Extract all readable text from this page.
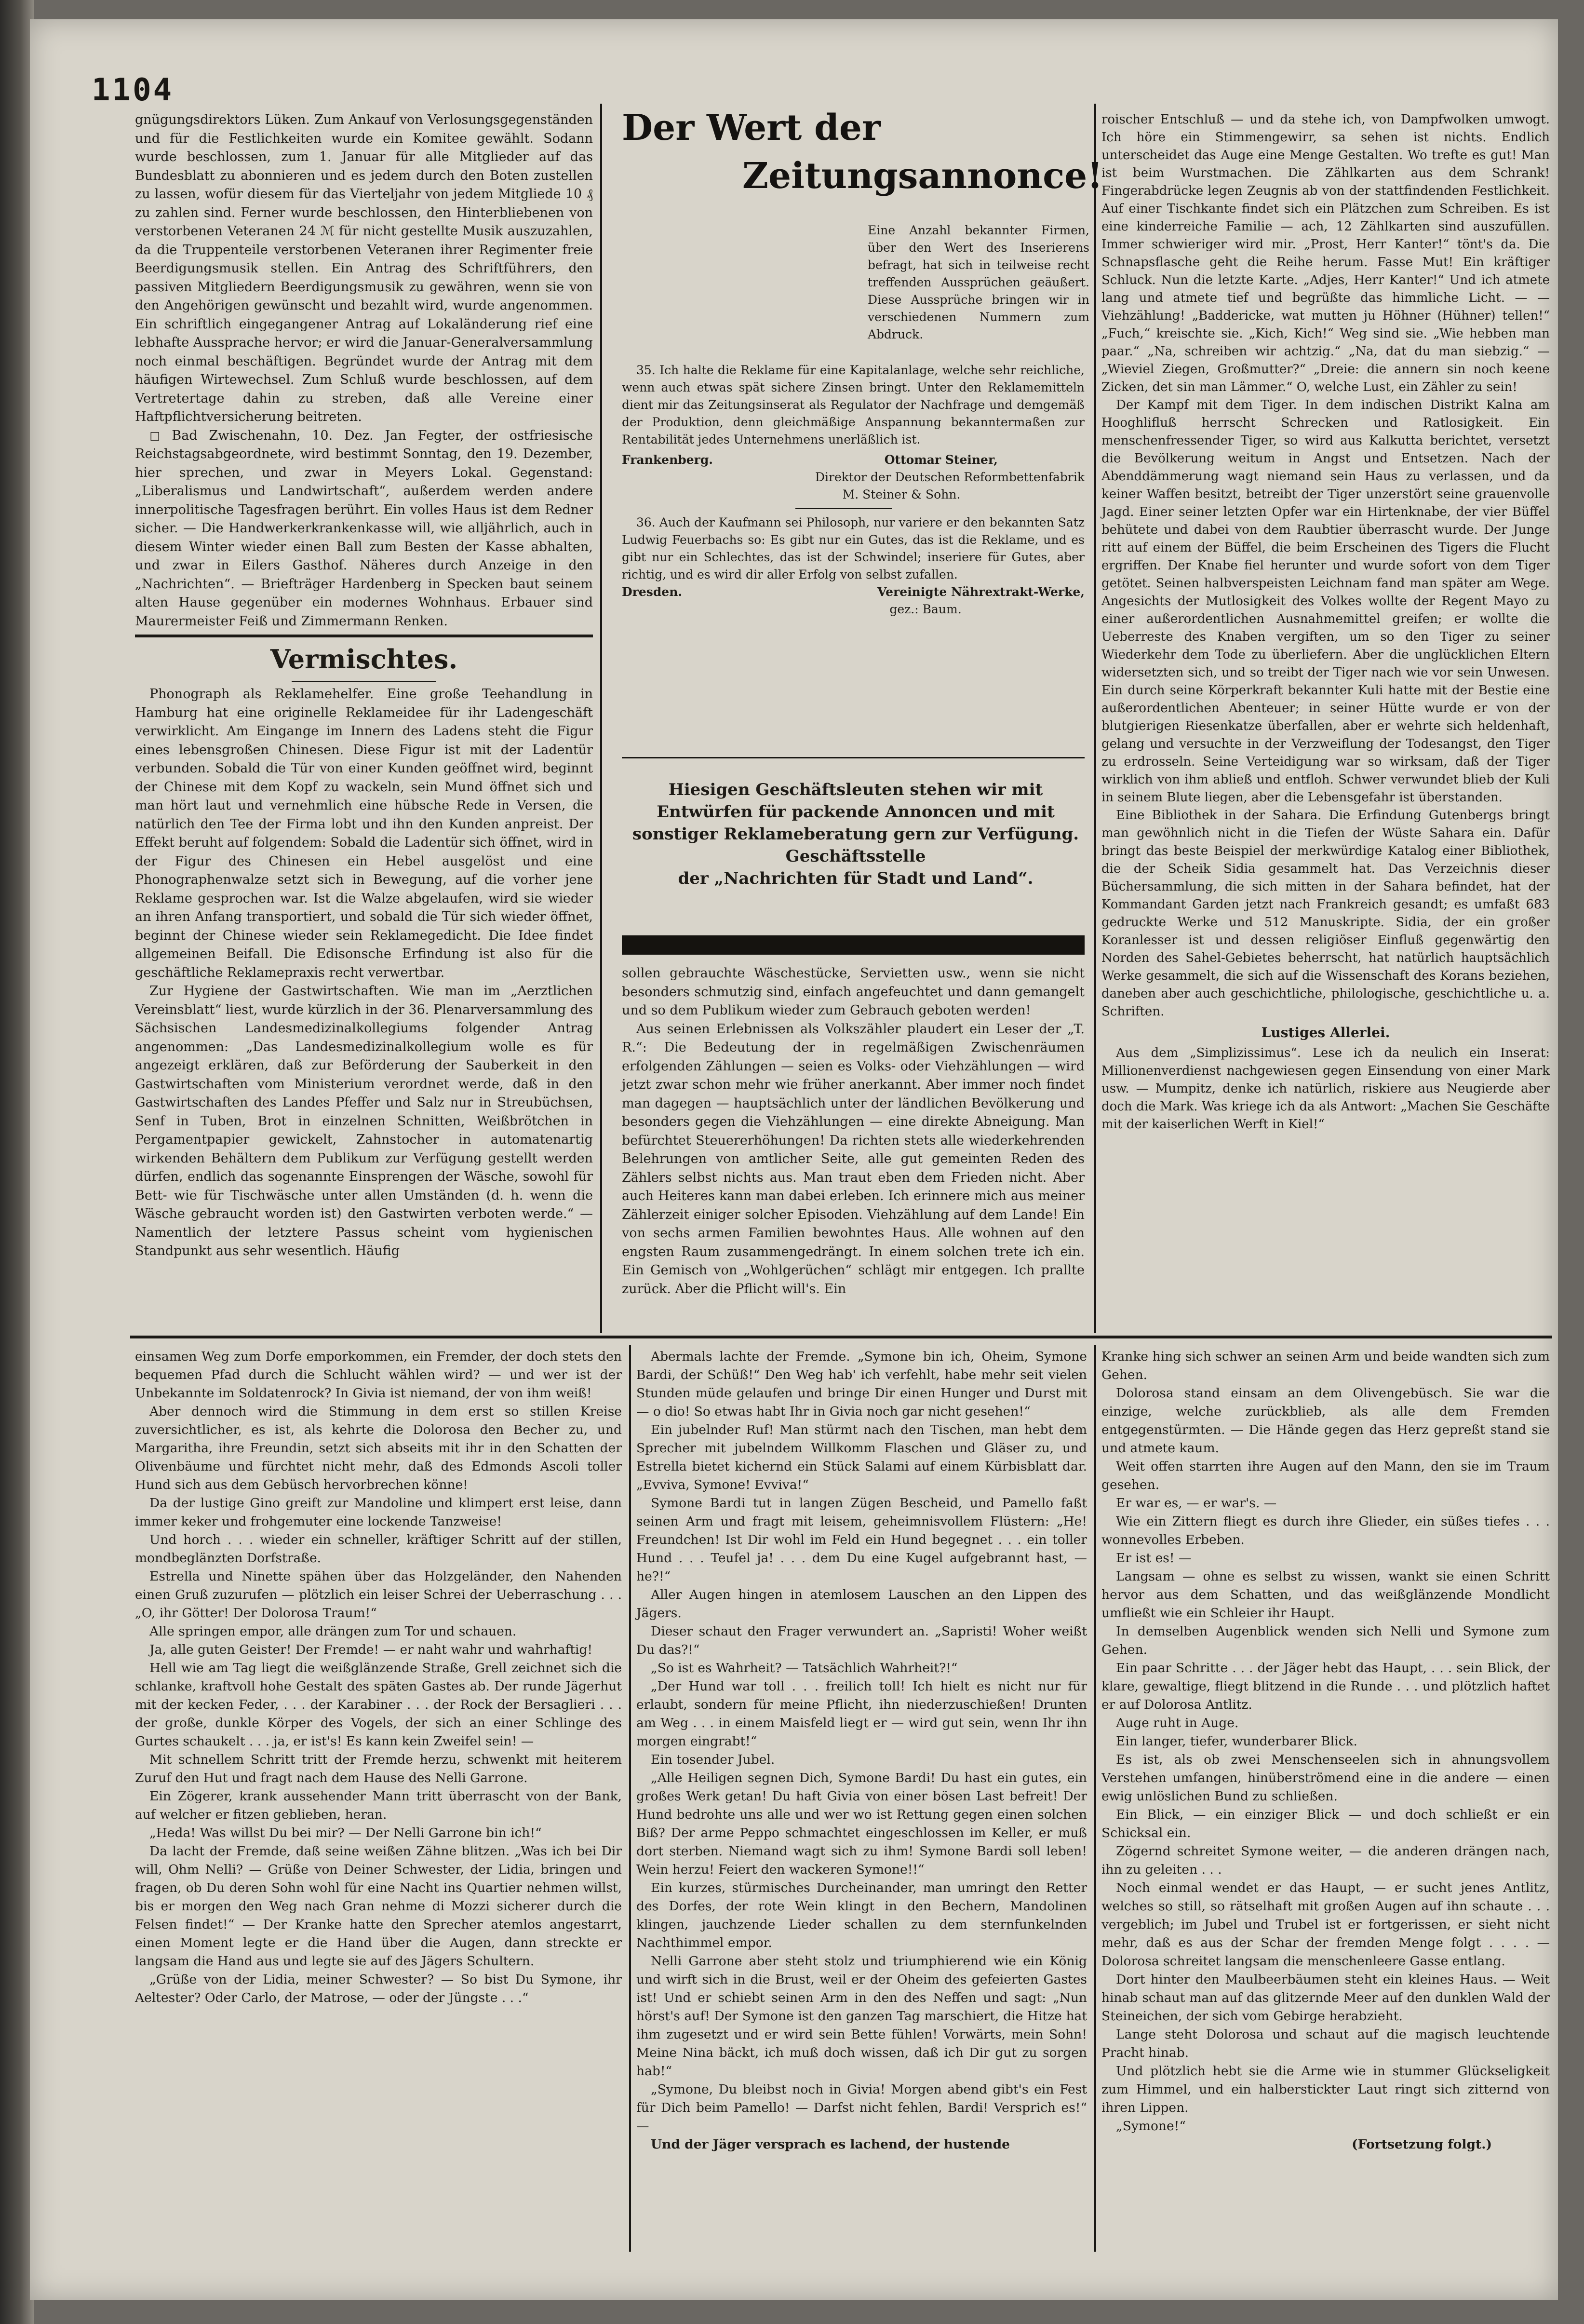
1104

gnügungsdirektors Lüken. Zum Ankauf von Verlosungsgegenständen und für die Festlichkeiten wurde ein Komitee gewählt. Sodann wurde beschlossen, zum 1. Januar für alle Mitglieder auf das Bundesblatt zu abonnieren und es jedem durch den Boten zustellen zu lassen, wofür diesem für das Vierteljahr von jedem Mitgliede 10 ₰ zu zahlen sind. Ferner wurde beschlossen, den Hinterbliebenen von verstorbenen Veteranen 24 ℳ für nicht gestellte Musik auszuzahlen, da die Truppenteile verstorbenen Veteranen ihrer Regimenter freie Beerdigungsmusik stellen. Ein Antrag des Schriftführers, den passiven Mitgliedern Beerdigungsmusik zu gewähren, wenn sie von den Angehörigen gewünscht und bezahlt wird, wurde angenommen. Ein schriftlich eingegangener Antrag auf Lokaländerung rief eine lebhafte Aussprache hervor; er wird die Januar-Generalversammlung noch einmal beschäftigen. Begründet wurde der Antrag mit dem häufigen Wirtewechsel. Zum Schluß wurde beschlossen, auf dem Vertretertage dahin zu streben, daß alle Vereine einer Haftpflichtversicherung beitreten.

◻ Bad Zwischenahn, 10. Dez. Jan Fegter, der ostfriesische Reichstagsabgeordnete, wird bestimmt Sonntag, den 19. Dezember, hier sprechen, und zwar in Meyers Lokal. Gegenstand: „Liberalismus und Landwirtschaft“, außerdem werden andere innerpolitische Tagesfragen berührt. Ein volles Haus ist dem Redner sicher. — Die Handwerkerkrankenkasse will, wie alljährlich, auch in diesem Winter wieder einen Ball zum Besten der Kasse abhalten, und zwar in Eilers Gasthof. Näheres durch Anzeige in den „Nachrichten“. — Briefträger Hardenberg in Specken baut seinem alten Hause gegenüber ein modernes Wohnhaus. Erbauer sind Maurermeister Feiß und Zimmermann Renken.

Vermischtes.

Phonograph als Reklamehelfer. Eine große Teehandlung in Hamburg hat eine originelle Reklameidee für ihr Ladengeschäft verwirklicht. Am Eingange im Innern des Ladens steht die Figur eines lebensgroßen Chinesen. Diese Figur ist mit der Ladentür verbunden. Sobald die Tür von einer Kunden geöffnet wird, beginnt der Chinese mit dem Kopf zu wackeln, sein Mund öffnet sich und man hört laut und vernehmlich eine hübsche Rede in Versen, die natürlich den Tee der Firma lobt und ihn den Kunden anpreist. Der Effekt beruht auf folgendem: Sobald die Ladentür sich öffnet, wird in der Figur des Chinesen ein Hebel ausgelöst und eine Phonographenwalze setzt sich in Bewegung, auf die vorher jene Reklame gesprochen war. Ist die Walze abgelaufen, wird sie wieder an ihren Anfang transportiert, und sobald die Tür sich wieder öffnet, beginnt der Chinese wieder sein Reklamegedicht. Die Idee findet allgemeinen Beifall. Die Edisonsche Erfindung ist also für die geschäftliche Reklamepraxis recht verwertbar.

Zur Hygiene der Gastwirtschaften. Wie man im „Aerztlichen Vereinsblatt“ liest, wurde kürzlich in der 36. Plenarversammlung des Sächsischen Landesmedizinalkollegiums folgender Antrag angenommen: „Das Landesmedizinalkollegium wolle es für angezeigt erklären, daß zur Beförderung der Sauberkeit in den Gastwirtschaften vom Ministerium verordnet werde, daß in den Gastwirtschaften des Landes Pfeffer und Salz nur in Streubüchsen, Senf in Tuben, Brot in einzelnen Schnitten, Weißbrötchen in Pergamentpapier gewickelt, Zahnstocher in automatenartig wirkenden Behältern dem Publikum zur Verfügung gestellt werden dürfen, endlich das sogenannte Einsprengen der Wäsche, sowohl für Bett- wie für Tischwäsche unter allen Umständen (d. h. wenn die Wäsche gebraucht worden ist) den Gastwirten verboten werde.“ — Namentlich der letztere Passus scheint vom hygienischen Standpunkt aus sehr wesentlich. Häufig

Der Wert der
Zeitungsannonce!

Eine Anzahl bekannter Firmen, über den Wert des Inserierens befragt, hat sich in teilweise recht treffenden Aussprüchen geäußert. Diese Aussprüche bringen wir in verschiedenen Nummern zum Abdruck.

35. Ich halte die Reklame für eine Kapitalanlage, welche sehr reichliche, wenn auch etwas spät sichere Zinsen bringt. Unter den Reklamemitteln dient mir das Zeitungsinserat als Regulator der Nachfrage und demgemäß der Produktion, denn gleichmäßige Anspannung bekanntermaßen zur Rentabilität jedes Unternehmens unerläßlich ist.

Frankenberg.	Ottomar Steiner,

Direktor der Deutschen Reformbettenfabrik

M. Steiner & Sohn.

36. Auch der Kaufmann sei Philosoph, nur variere er den bekannten Satz Ludwig Feuerbachs so: Es gibt nur ein Gutes, das ist die Reklame, und es gibt nur ein Schlechtes, das ist der Schwindel; inseriere für Gutes, aber richtig, und es wird dir aller Erfolg von selbst zufallen.

Dresden.	Vereinigte Nährextrakt-Werke,

gez.: Baum.

Hiesigen Geschäftsleuten stehen wir mit Entwürfen für packende Annoncen und mit sonstiger Reklameberatung gern zur Verfügung.

Geschäftsstelle

der „Nachrichten für Stadt und Land“.

sollen gebrauchte Wäschestücke, Servietten usw., wenn sie nicht besonders schmutzig sind, einfach angefeuchtet und dann gemangelt und so dem Publikum wieder zum Gebrauch geboten werden!

Aus seinen Erlebnissen als Volkszähler plaudert ein Leser der „T. R.“: Die Bedeutung der in regelmäßigen Zwischenräumen erfolgenden Zählungen — seien es Volks- oder Viehzählungen — wird jetzt zwar schon mehr wie früher anerkannt. Aber immer noch findet man dagegen — hauptsächlich unter der ländlichen Bevölkerung und besonders gegen die Viehzählungen — eine direkte Abneigung. Man befürchtet Steuererhöhungen! Da richten stets alle wiederkehrenden Belehrungen von amtlicher Seite, alle gut gemeinten Reden des Zählers selbst nichts aus. Man traut eben dem Frieden nicht. Aber auch Heiteres kann man dabei erleben. Ich erinnere mich aus meiner Zählerzeit einiger solcher Episoden. Viehzählung auf dem Lande! Ein von sechs armen Familien bewohntes Haus. Alle wohnen auf den engsten Raum zusammengedrängt. In einem solchen trete ich ein. Ein Gemisch von „Wohlgerüchen“ schlägt mir entgegen. Ich prallte zurück. Aber die Pflicht will's. Ein

roischer Entschluß — und da stehe ich, von Dampfwolken umwogt. Ich höre ein Stimmengewirr, sa sehen ist nichts. Endlich unterscheidet das Auge eine Menge Gestalten. Wo trefte es gut! Man ist beim Wurstmachen. Die Zählkarten aus dem Schrank! Fingerabdrücke legen Zeugnis ab von der stattfindenden Festlichkeit. Auf einer Tischkante findet sich ein Plätzchen zum Schreiben. Es ist eine kinderreiche Familie — ach, 12 Zählkarten sind auszufüllen. Immer schwieriger wird mir. „Prost, Herr Kanter!“ tönt's da. Die Schnapsflasche geht die Reihe herum. Fasse Mut! Ein kräftiger Schluck. Nun die letzte Karte. „Adjes, Herr Kanter!“ Und ich atmete lang und atmete tief und begrüßte das himmliche Licht. — — Viehzählung! „Baddericke, wat mutten ju Höhner (Hühner) tellen!“ „Fuch,“ kreischte sie. „Kich, Kich!“ Weg sind sie. „Wie hebben man paar.“ „Na, schreiben wir achtzig.“ „Na, dat du man siebzig.“ — „Wieviel Ziegen, Großmutter?“ „Dreie: die annern sin noch keene Zicken, det sin man Lämmer.“ O, welche Lust, ein Zähler zu sein!

Der Kampf mit dem Tiger. In dem indischen Distrikt Kalna am Hooghlifluß herrscht Schrecken und Ratlosigkeit. Ein menschenfressender Tiger, so wird aus Kalkutta berichtet, versetzt die Bevölkerung weitum in Angst und Entsetzen. Nach der Abenddämmerung wagt niemand sein Haus zu verlassen, und da keiner Waffen besitzt, betreibt der Tiger unzerstört seine grauenvolle Jagd. Einer seiner letzten Opfer war ein Hirtenknabe, der vier Büffel behütete und dabei von dem Raubtier überrascht wurde. Der Junge ritt auf einem der Büffel, die beim Erscheinen des Tigers die Flucht ergriffen. Der Knabe fiel herunter und wurde sofort von dem Tiger getötet. Seinen halbverspeisten Leichnam fand man später am Wege. Angesichts der Mutlosigkeit des Volkes wollte der Regent Mayo zu einer außerordentlichen Ausnahmemittel greifen; er wollte die Ueberreste des Knaben vergiften, um so den Tiger zu seiner Wiederkehr dem Tode zu überliefern. Aber die unglücklichen Eltern widersetzten sich, und so treibt der Tiger nach wie vor sein Unwesen. Ein durch seine Körperkraft bekannter Kuli hatte mit der Bestie eine außerordentlichen Abenteuer; in seiner Hütte wurde er von der blutgierigen Riesenkatze überfallen, aber er wehrte sich heldenhaft, gelang und versuchte in der Verzweiflung der Todesangst, den Tiger zu erdrosseln. Seine Verteidigung war so wirksam, daß der Tiger wirklich von ihm abließ und entfloh. Schwer verwundet blieb der Kuli in seinem Blute liegen, aber die Lebensgefahr ist überstanden.

Eine Bibliothek in der Sahara. Die Erfindung Gutenbergs bringt man gewöhnlich nicht in die Tiefen der Wüste Sahara ein. Dafür bringt das beste Beispiel der merkwürdige Katalog einer Bibliothek, die der Scheik Sidia gesammelt hat. Das Verzeichnis dieser Büchersammlung, die sich mitten in der Sahara befindet, hat der Kommandant Garden jetzt nach Frankreich gesandt; es umfaßt 683 gedruckte Werke und 512 Manuskripte. Sidia, der ein großer Koranlesser ist und dessen religiöser Einfluß gegenwärtig den Norden des Sahel-Gebietes beherrscht, hat natürlich hauptsächlich Werke gesammelt, die sich auf die Wissenschaft des Korans beziehen, daneben aber auch geschichtliche, philologische, geschichtliche u. a. Schriften.

Lustiges Allerlei.

Aus dem „Simplizissimus“. Lese ich da neulich ein Inserat: Millionenverdienst nachgewiesen gegen Einsendung von einer Mark usw. — Mumpitz, denke ich natürlich, riskiere aus Neugierde aber doch die Mark. Was kriege ich da als Antwort: „Machen Sie Geschäfte mit der kaiserlichen Werft in Kiel!“

einsamen Weg zum Dorfe emporkommen, ein Fremder, der doch stets den bequemen Pfad durch die Schlucht wählen wird? — und wer ist der Unbekannte im Soldatenrock? In Givia ist niemand, der von ihm weiß!

Aber dennoch wird die Stimmung in dem erst so stillen Kreise zuversichtlicher, es ist, als kehrte die Dolorosa den Becher zu, und Margaritha, ihre Freundin, setzt sich abseits mit ihr in den Schatten der Olivenbäume und fürchtet nicht mehr, daß des Edmonds Ascoli toller Hund sich aus dem Gebüsch hervorbrechen könne!

Da der lustige Gino greift zur Mandoline und klimpert erst leise, dann immer keker und frohgemuter eine lockende Tanzweise!

Und horch . . . wieder ein schneller, kräftiger Schritt auf der stillen, mondbeglänzten Dorfstraße.

Estrella und Ninette spähen über das Holzgeländer, den Nahenden einen Gruß zuzurufen — plötzlich ein leiser Schrei der Ueberraschung . . . „O, ihr Götter! Der Dolorosa Traum!“

Alle springen empor, alle drängen zum Tor und schauen.

Ja, alle guten Geister! Der Fremde! — er naht wahr und wahrhaftig!

Hell wie am Tag liegt die weißglänzende Straße, Grell zeichnet sich die schlanke, kraftvoll hohe Gestalt des späten Gastes ab. Der runde Jägerhut mit der kecken Feder, . . . der Karabiner . . . der Rock der Bersaglieri . . . der große, dunkle Körper des Vogels, der sich an einer Schlinge des Gurtes schaukelt . . . ja, er ist's! Es kann kein Zweifel sein! —

Mit schnellem Schritt tritt der Fremde herzu, schwenkt mit heiterem Zuruf den Hut und fragt nach dem Hause des Nelli Garrone.

Ein Zögerer, krank aussehender Mann tritt überrascht von der Bank, auf welcher er fitzen geblieben, heran.

„Heda! Was willst Du bei mir? — Der Nelli Garrone bin ich!“

Da lacht der Fremde, daß seine weißen Zähne blitzen. „Was ich bei Dir will, Ohm Nelli? — Grüße von Deiner Schwester, der Lidia, bringen und fragen, ob Du deren Sohn wohl für eine Nacht ins Quartier nehmen willst, bis er morgen den Weg nach Gran nehme di Mozzi sicherer durch die Felsen findet!“ — Der Kranke hatte den Sprecher atemlos angestarrt, einen Moment legte er die Hand über die Augen, dann streckte er langsam die Hand aus und legte sie auf des Jägers Schultern.

„Grüße von der Lidia, meiner Schwester? — So bist Du Symone, ihr Aeltester? Oder Carlo, der Matrose, — oder der Jüngste . . .“

Abermals lachte der Fremde. „Symone bin ich, Oheim, Symone Bardi, der Schüß!“ Den Weg hab' ich verfehlt, habe mehr seit vielen Stunden müde gelaufen und bringe Dir einen Hunger und Durst mit — o dio! So etwas habt Ihr in Givia noch gar nicht gesehen!“

Ein jubelnder Ruf! Man stürmt nach den Tischen, man hebt dem Sprecher mit jubelndem Willkomm Flaschen und Gläser zu, und Estrella bietet kichernd ein Stück Salami auf einem Kürbisblatt dar. „Evviva, Symone! Evviva!“

Symone Bardi tut in langen Zügen Bescheid, und Pamello faßt seinen Arm und fragt mit leisem, geheimnisvollem Flüstern: „He! Freundchen! Ist Dir wohl im Feld ein Hund begegnet . . . ein toller Hund . . . Teufel ja! . . . dem Du eine Kugel aufgebrannt hast, — he?!“

Aller Augen hingen in atemlosem Lauschen an den Lippen des Jägers.

Dieser schaut den Frager verwundert an. „Sapristi! Woher weißt Du das?!“

„So ist es Wahrheit? — Tatsächlich Wahrheit?!“

„Der Hund war toll . . . freilich toll! Ich hielt es nicht nur für erlaubt, sondern für meine Pflicht, ihn niederzuschießen! Drunten am Weg . . . in einem Maisfeld liegt er — wird gut sein, wenn Ihr ihn morgen eingrabt!“

Ein tosender Jubel.

„Alle Heiligen segnen Dich, Symone Bardi! Du hast ein gutes, ein großes Werk getan! Du haft Givia von einer bösen Last befreit! Der Hund bedrohte uns alle und wer wo ist Rettung gegen einen solchen Biß? Der arme Peppo schmachtet eingeschlossen im Keller, er muß dort sterben. Niemand wagt sich zu ihm! Symone Bardi soll leben! Wein herzu! Feiert den wackeren Symone!!“

Ein kurzes, stürmisches Durcheinander, man umringt den Retter des Dorfes, der rote Wein klingt in den Bechern, Mandolinen klingen, jauchzende Lieder schallen zu dem sternfunkelnden Nachthimmel empor.

Nelli Garrone aber steht stolz und triumphierend wie ein König und wirft sich in die Brust, weil er der Oheim des gefeierten Gastes ist! Und er schiebt seinen Arm in den des Neffen und sagt: „Nun hörst's auf! Der Symone ist den ganzen Tag marschiert, die Hitze hat ihm zugesetzt und er wird sein Bette fühlen! Vorwärts, mein Sohn! Meine Nina bäckt, ich muß doch wissen, daß ich Dir gut zu sorgen hab!“

„Symone, Du bleibst noch in Givia! Morgen abend gibt's ein Fest für Dich beim Pamello! — Darfst nicht fehlen, Bardi! Versprich es!“ —

Und der Jäger versprach es lachend, der hustende

Kranke hing sich schwer an seinen Arm und beide wandten sich zum Gehen.

Dolorosa stand einsam an dem Olivengebüsch. Sie war die einzige, welche zurückblieb, als alle dem Fremden entgegenstürmten. — Die Hände gegen das Herz gepreßt stand sie und atmete kaum.

Weit offen starrten ihre Augen auf den Mann, den sie im Traum gesehen.

Er war es, — er war's. —

Wie ein Zittern fliegt es durch ihre Glieder, ein süßes tiefes . . . wonnevolles Erbeben.

Er ist es! —

Langsam — ohne es selbst zu wissen, wankt sie einen Schritt hervor aus dem Schatten, und das weißglänzende Mondlicht umfließt wie ein Schleier ihr Haupt.

In demselben Augenblick wenden sich Nelli und Symone zum Gehen.

Ein paar Schritte . . . der Jäger hebt das Haupt, . . . sein Blick, der klare, gewaltige, fliegt blitzend in die Runde . . . und plötzlich haftet er auf Dolorosa Antlitz.

Auge ruht in Auge.

Ein langer, tiefer, wunderbarer Blick.

Es ist, als ob zwei Menschenseelen sich in ahnungsvollem Verstehen umfangen, hinüberströmend eine in die andere — einen ewig unlöslichen Bund zu schließen.

Ein Blick, — ein einziger Blick — und doch schließt er ein Schicksal ein.

Zögernd schreitet Symone weiter, — die anderen drängen nach, ihn zu geleiten . . .

Noch einmal wendet er das Haupt, — er sucht jenes Antlitz, welches so still, so rätselhaft mit großen Augen auf ihn schaute . . . vergeblich; im Jubel und Trubel ist er fortgerissen, er sieht nicht mehr, daß es aus der Schar der fremden Menge folgt . . . . — Dolorosa schreitet langsam die menschenleere Gasse entlang.

Dort hinter den Maulbeerbäumen steht ein kleines Haus. — Weit hinab schaut man auf das glitzernde Meer auf den dunklen Wald der Steineichen, der sich vom Gebirge herabzieht.

Lange steht Dolorosa und schaut auf die magisch leuchtende Pracht hinab.

Und plötzlich hebt sie die Arme wie in stummer Glückseligkeit zum Himmel, und ein halberstickter Laut ringt sich zitternd von ihren Lippen.

„Symone!“

(Fortsetzung folgt.)
